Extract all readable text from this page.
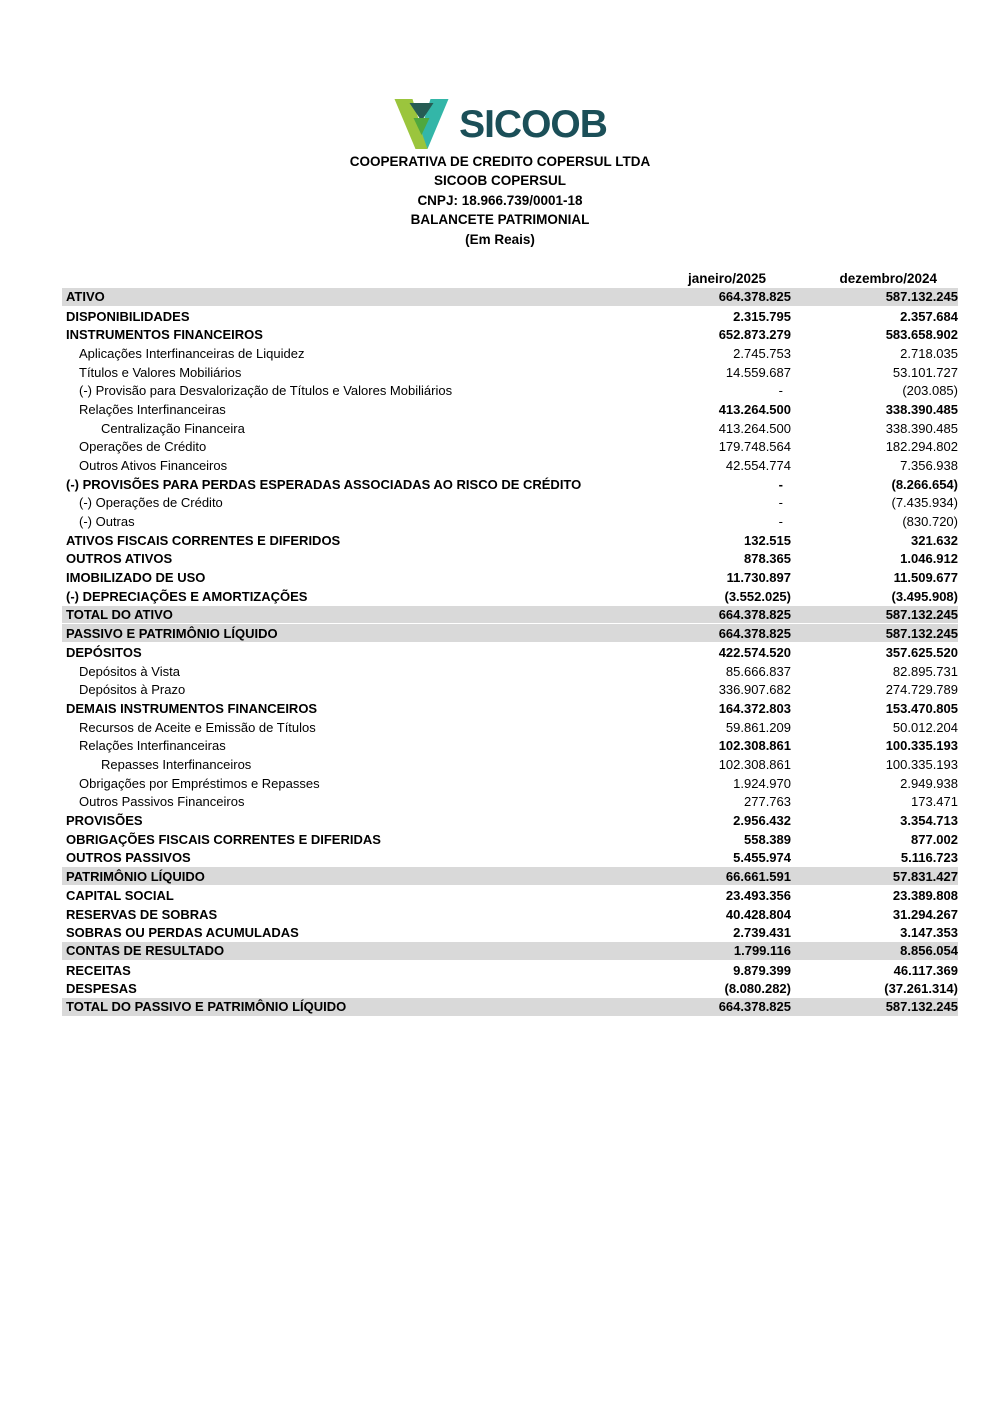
SICOOB
COOPERATIVA DE CREDITO COPERSUL LTDA
SICOOB COPERSUL
CNPJ: 18.966.739/0001-18
BALANCETE PATRIMONIAL
(Em Reais)
janeiro/2025	dezembro/2024
ATIVO	664.378.825	587.132.245
DISPONIBILIDADES	2.315.795	2.357.684
INSTRUMENTOS FINANCEIROS	652.873.279	583.658.902
Aplicações Interfinanceiras de Liquidez	2.745.753	2.718.035
Títulos e Valores Mobiliários	14.559.687	53.101.727
(-) Provisão para Desvalorização de Títulos e Valores Mobiliários	-	(203.085)
Relações Interfinanceiras	413.264.500	338.390.485
Centralização Financeira	413.264.500	338.390.485
Operações de Crédito	179.748.564	182.294.802
Outros Ativos Financeiros	42.554.774	7.356.938
(-) PROVISÕES PARA PERDAS ESPERADAS ASSOCIADAS AO RISCO DE CRÉDITO	-	(8.266.654)
(-) Operações de Crédito	-	(7.435.934)
(-) Outras	-	(830.720)
ATIVOS FISCAIS CORRENTES E DIFERIDOS	132.515	321.632
OUTROS ATIVOS	878.365	1.046.912
IMOBILIZADO DE USO	11.730.897	11.509.677
(-) DEPRECIAÇÕES E AMORTIZAÇÕES	(3.552.025)	(3.495.908)
TOTAL DO ATIVO	664.378.825	587.132.245
PASSIVO E PATRIMÔNIO LÍQUIDO	664.378.825	587.132.245
DEPÓSITOS	422.574.520	357.625.520
Depósitos à Vista	85.666.837	82.895.731
Depósitos à Prazo	336.907.682	274.729.789
DEMAIS INSTRUMENTOS FINANCEIROS	164.372.803	153.470.805
Recursos de Aceite e Emissão de Títulos	59.861.209	50.012.204
Relações Interfinanceiras	102.308.861	100.335.193
Repasses Interfinanceiros	102.308.861	100.335.193
Obrigações por Empréstimos e Repasses	1.924.970	2.949.938
Outros Passivos Financeiros	277.763	173.471
PROVISÕES	2.956.432	3.354.713
OBRIGAÇÕES FISCAIS CORRENTES E DIFERIDAS	558.389	877.002
OUTROS PASSIVOS	5.455.974	5.116.723
PATRIMÔNIO LÍQUIDO	66.661.591	57.831.427
CAPITAL SOCIAL	23.493.356	23.389.808
RESERVAS DE SOBRAS	40.428.804	31.294.267
SOBRAS OU PERDAS ACUMULADAS	2.739.431	3.147.353
CONTAS DE RESULTADO	1.799.116	8.856.054
RECEITAS	9.879.399	46.117.369
DESPESAS	(8.080.282)	(37.261.314)
TOTAL DO PASSIVO E PATRIMÔNIO LÍQUIDO	664.378.825	587.132.245
